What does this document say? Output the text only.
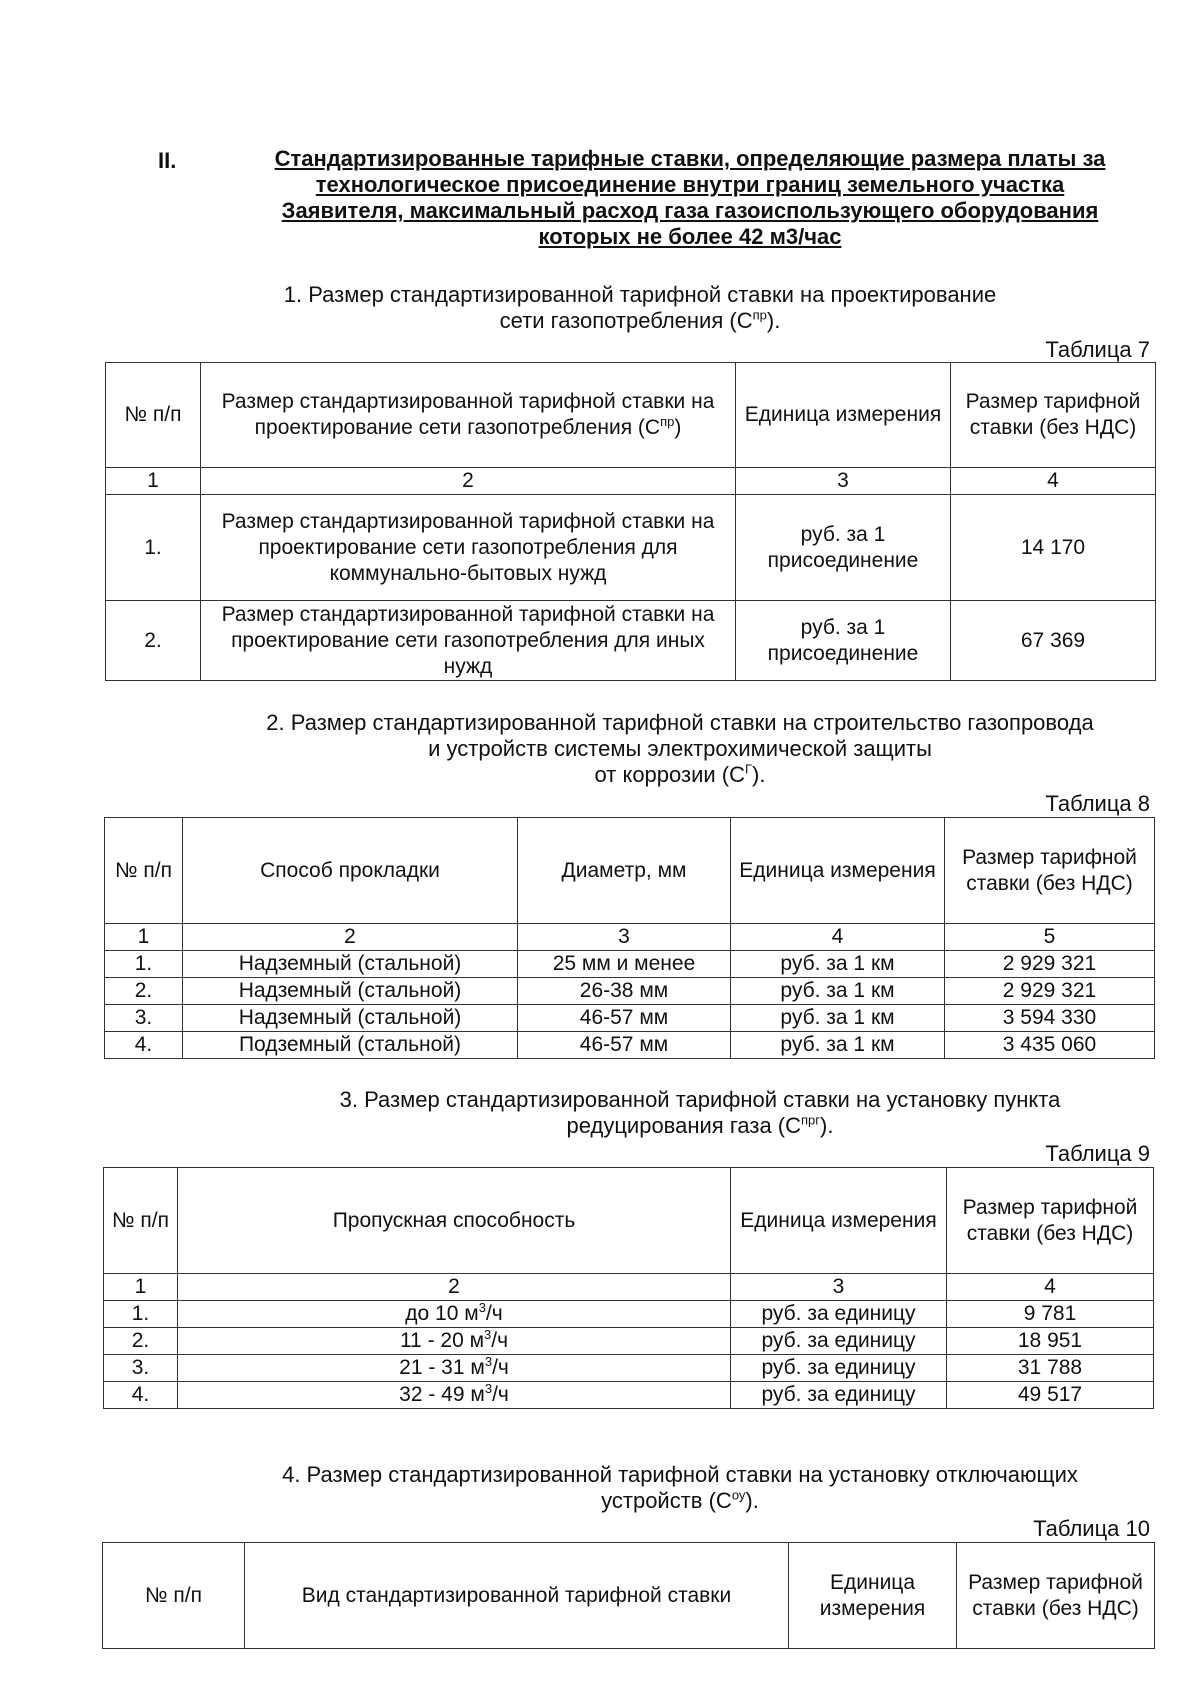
II.	Стандартизированные тарифные ставки, определяющие размера платы за
технологическое присоединение внутри границ земельного участка
Заявителя, максимальный расход газа газоиспользующего оборудования
которых не более 42 м3/час
1. Размер стандартизированной тарифной ставки на проектирование
сети газопотребления $(С^{пр})$.
Таблица 7
№ п/п	Размер стандартизированной тарифной ставки на проектирование сети газопотребления $(С^{пр})$	Единица измерения	Размер тарифной ставки (без НДС)
1	2	3	4
1.	Размер стандартизированной тарифной ставки на проектирование сети газопотребления для коммунально-бытовых нужд	руб. за 1 присоединение	14 170
2.	Размер стандартизированной тарифной ставки на проектирование сети газопотребления для иных нужд	руб. за 1 присоединение	67 369
2. Размер стандартизированной тарифной ставки на строительство газопровода
и устройств системы электрохимической защиты
от коррозии $(С^Г)$.
Таблица 8
№ п/п	Способ прокладки	Диаметр, мм	Единица измерения	Размер тарифной ставки (без НДС)
1	2	3	4	5
1.	Надземный (стальной)	25 мм и менее	руб. за 1 км	2 929 321
2.	Надземный (стальной)	26-38 мм	руб. за 1 км	2 929 321
3.	Надземный (стальной)	46-57 мм	руб. за 1 км	3 594 330
4.	Подземный (стальной)	46-57 мм	руб. за 1 км	3 435 060
3. Размер стандартизированной тарифной ставки на установку пункта
редуцирования газа $(С^{прг})$.
Таблица 9
№ п/п	Пропускная способность	Единица измерения	Размер тарифной ставки (без НДС)
1	2	3	4
1.	до 10 $м^3/ч$	руб. за единицу	9 781
2.	11 - 20 $м^3/ч$	руб. за единицу	18 951
3.	21 - 31 $м^3/ч$	руб. за единицу	31 788
4.	32 - 49 $м^3/ч$	руб. за единицу	49 517
4. Размер стандартизированной тарифной ставки на установку отключающих
устройств $(С^{оу})$.
Таблица 10
№ п/п	Вид стандартизированной тарифной ставки	Единица измерения	Размер тарифной ставки (без НДС)
